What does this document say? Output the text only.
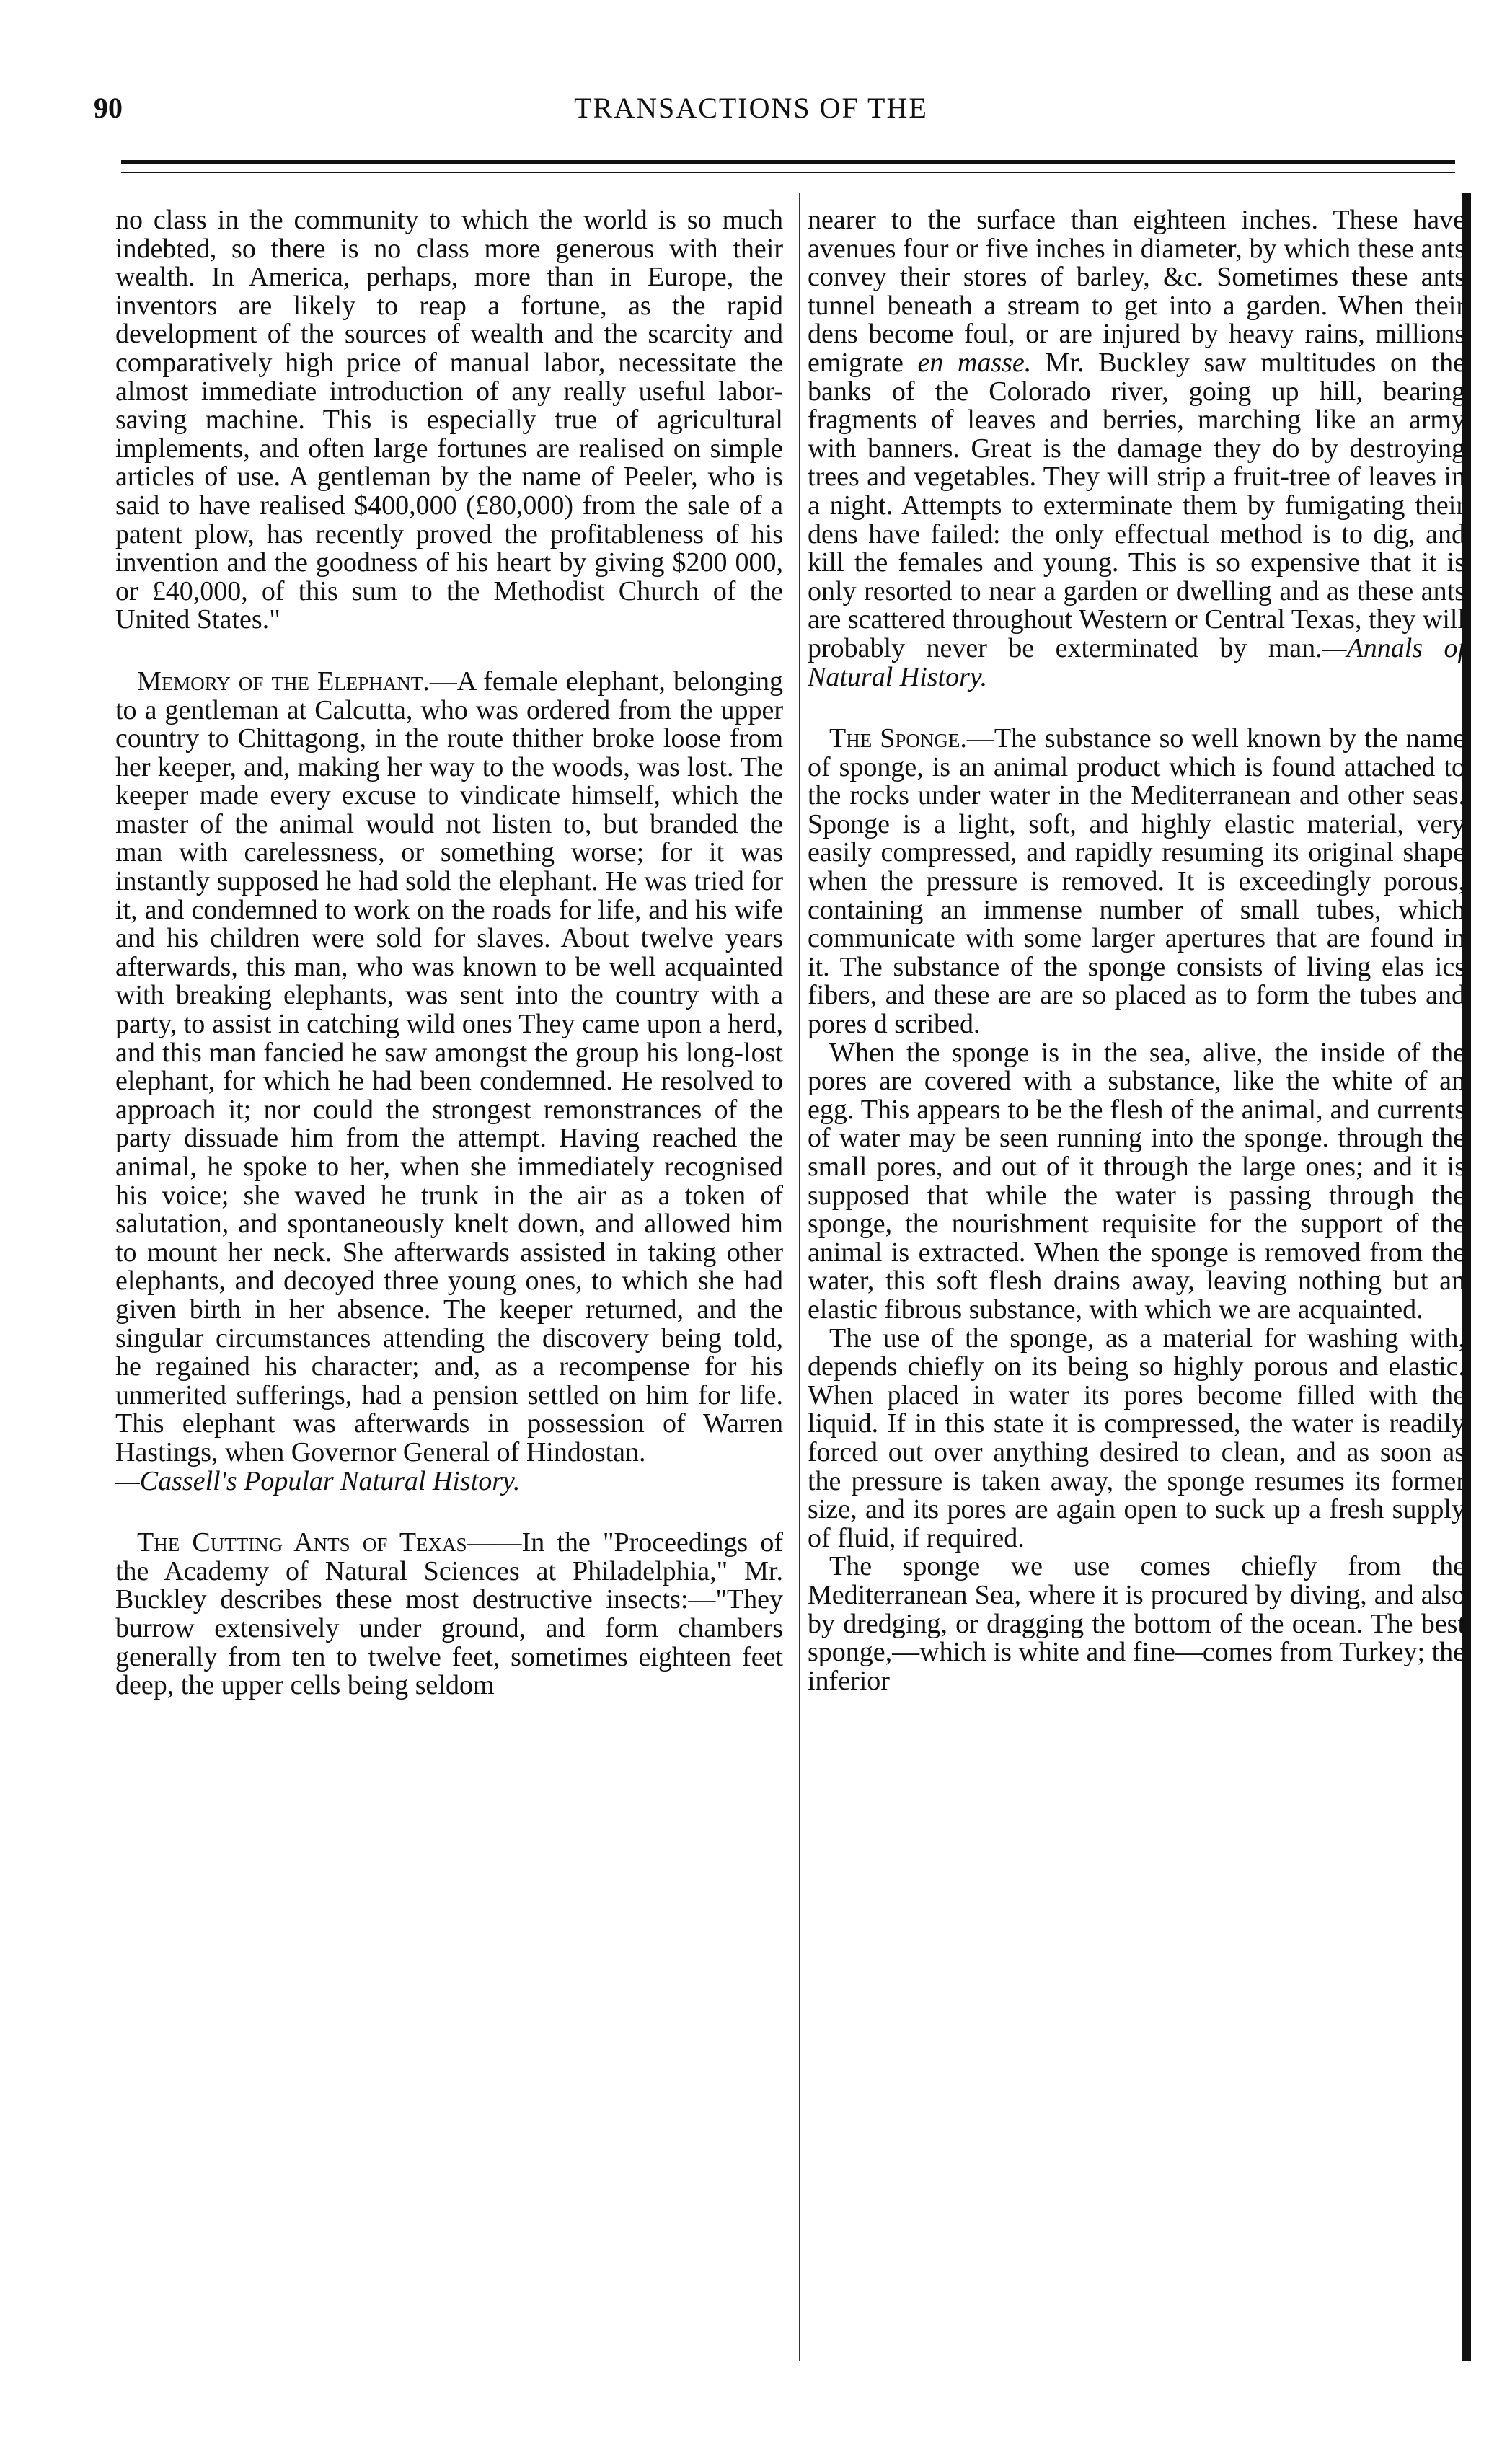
90	TRANSACTIONS OF THE

no class in the community to which the world is so much indebted, so there is no class more generous with their wealth. In America, perhaps, more than in Europe, the inventors are likely to reap a fortune, as the rapid development of the sources of wealth and the scarcity and comparatively high price of manual labor, necessitate the almost immediate introduction of any really useful labor-saving machine. This is especially true of agricultural implements, and often large fortunes are realised on simple articles of use. A gentleman by the name of Peeler, who is said to have realised $400,000 (£80,000) from the sale of a patent plow, has recently proved the profitableness of his invention and the goodness of his heart by giving $200 000, or £40,000, of this sum to the Methodist Church of the United States."

Memory of the Elephant.—A female elephant, belonging to a gentleman at Calcutta, who was ordered from the upper country to Chittagong, in the route thither broke loose from her keeper, and, making her way to the woods, was lost. The keeper made every excuse to vindicate himself, which the master of the animal would not listen to, but branded the man with carelessness, or something worse; for it was instantly supposed he had sold the elephant. He was tried for it, and condemned to work on the roads for life, and his wife and his children were sold for slaves. About twelve years afterwards, this man, who was known to be well acquainted with breaking elephants, was sent into the country with a party, to assist in catching wild ones They came upon a herd, and this man fancied he saw amongst the group his long-lost elephant, for which he had been condemned. He resolved to approach it; nor could the strongest remonstrances of the party dissuade him from the attempt. Having reached the animal, he spoke to her, when she immediately recognised his voice; she waved he trunk in the air as a token of salutation, and spontaneously knelt down, and allowed him to mount her neck. She afterwards assisted in taking other elephants, and decoyed three young ones, to which she had given birth in her absence. The keeper returned, and the singular circumstances attending the discovery being told, he regained his character; and, as a recompense for his unmerited sufferings, had a pension settled on him for life. This elephant was afterwards in possession of Warren Hastings, when Governor General of Hindostan.
—Cassell's Popular Natural History.

The Cutting Ants of Texas——In the "Proceedings of the Academy of Natural Sciences at Philadelphia," Mr. Buckley describes these most destructive insects:—"They burrow extensively under ground, and form chambers generally from ten to twelve feet, sometimes eighteen feet deep, the upper cells being seldom

nearer to the surface than eighteen inches. These have avenues four or five inches in diameter, by which these ants convey their stores of barley, &c. Sometimes these ants tunnel beneath a stream to get into a garden. When their dens become foul, or are injured by heavy rains, millions emigrate en masse. Mr. Buckley saw multitudes on the banks of the Colorado river, going up hill, bearing fragments of leaves and berries, marching like an army with banners. Great is the damage they do by destroying trees and vegetables. They will strip a fruit-tree of leaves in a night. Attempts to exterminate them by fumigating their dens have failed: the only effectual method is to dig, and kill the females and young. This is so expensive that it is only resorted to near a garden or dwelling and as these ants are scattered throughout Western or Central Texas, they will probably never be exterminated by man.—Annals of Natural History.

The Sponge.—The substance so well known by the name of sponge, is an animal product which is found attached to the rocks under water in the Mediterranean and other seas. Sponge is a light, soft, and highly elastic material, very easily compressed, and rapidly resuming its original shape when the pressure is removed. It is exceedingly porous, containing an immense number of small tubes, which communicate with some larger apertures that are found in it. The substance of the sponge consists of living elas ics fibers, and these are are so placed as to form the tubes and pores d scribed.

When the sponge is in the sea, alive, the inside of the pores are covered with a substance, like the white of an egg. This appears to be the flesh of the animal, and currents of water may be seen running into the sponge. through the small pores, and out of it through the large ones; and it is supposed that while the water is passing through the sponge, the nourishment requisite for the support of the animal is extracted. When the sponge is removed from the water, this soft flesh drains away, leaving nothing but an elastic fibrous substance, with which we are acquainted.

The use of the sponge, as a material for washing with, depends chiefly on its being so highly porous and elastic. When placed in water its pores become filled with the liquid. If in this state it is compressed, the water is readily forced out over anything desired to clean, and as soon as the pressure is taken away, the sponge resumes its former size, and its pores are again open to suck up a fresh supply of fluid, if required.

The sponge we use comes chiefly from the Mediterranean Sea, where it is procured by diving, and also by dredging, or dragging the bottom of the ocean. The best sponge,—which is white and fine—comes from Turkey; the inferior
